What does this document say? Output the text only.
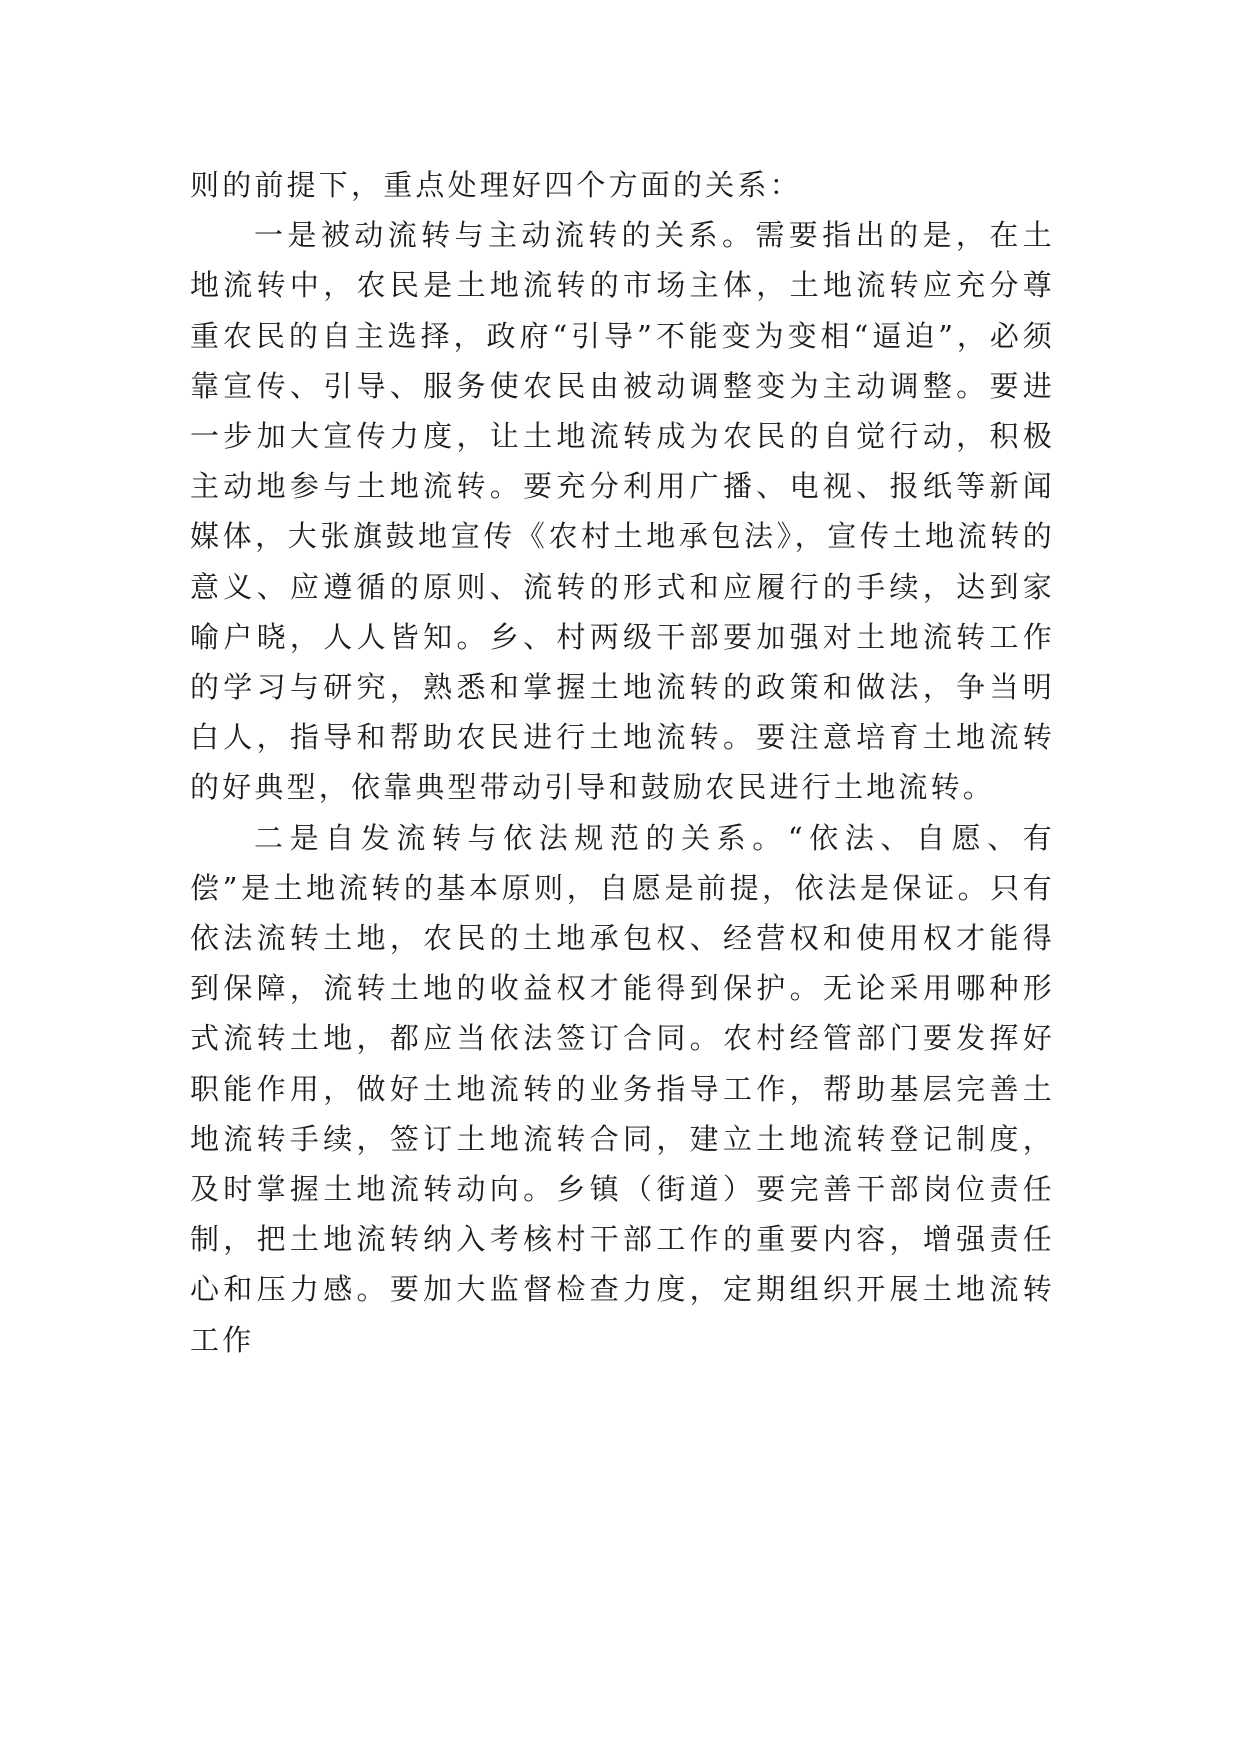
则的前提下，重点处理好四个方面的关系：

一是被动流转与主动流转的关系。需要指出的是，在土地流转中，农民是土地流转的市场主体，土地流转应充分尊重农民的自主选择，政府“引导”不能变为变相“逼迫”，必须靠宣传、引导、服务使农民由被动调整变为主动调整。要进一步加大宣传力度，让土地流转成为农民的自觉行动，积极主动地参与土地流转。要充分利用广播、电视、报纸等新闻媒体，大张旗鼓地宣传《农村土地承包法》，宣传土地流转的意义、应遵循的原则、流转的形式和应履行的手续，达到家喻户晓，人人皆知。乡、村两级干部要加强对土地流转工作的学习与研究，熟悉和掌握土地流转的政策和做法，争当明白人，指导和帮助农民进行土地流转。要注意培育土地流转的好典型，依靠典型带动引导和鼓励农民进行土地流转。

二是自发流转与依法规范的关系。“依法、自愿、有偿”是土地流转的基本原则，自愿是前提，依法是保证。只有依法流转土地，农民的土地承包权、经营权和使用权才能得到保障，流转土地的收益权才能得到保护。无论采用哪种形式流转土地，都应当依法签订合同。农村经管部门要发挥好职能作用，做好土地流转的业务指导工作，帮助基层完善土地流转手续，签订土地流转合同，建立土地流转登记制度，及时掌握土地流转动向。乡镇（街道）要完善干部岗位责任制，把土地流转纳入考核村干部工作的重要内容，增强责任心和压力感。要加大监督检查力度，定期组织开展土地流转工作
